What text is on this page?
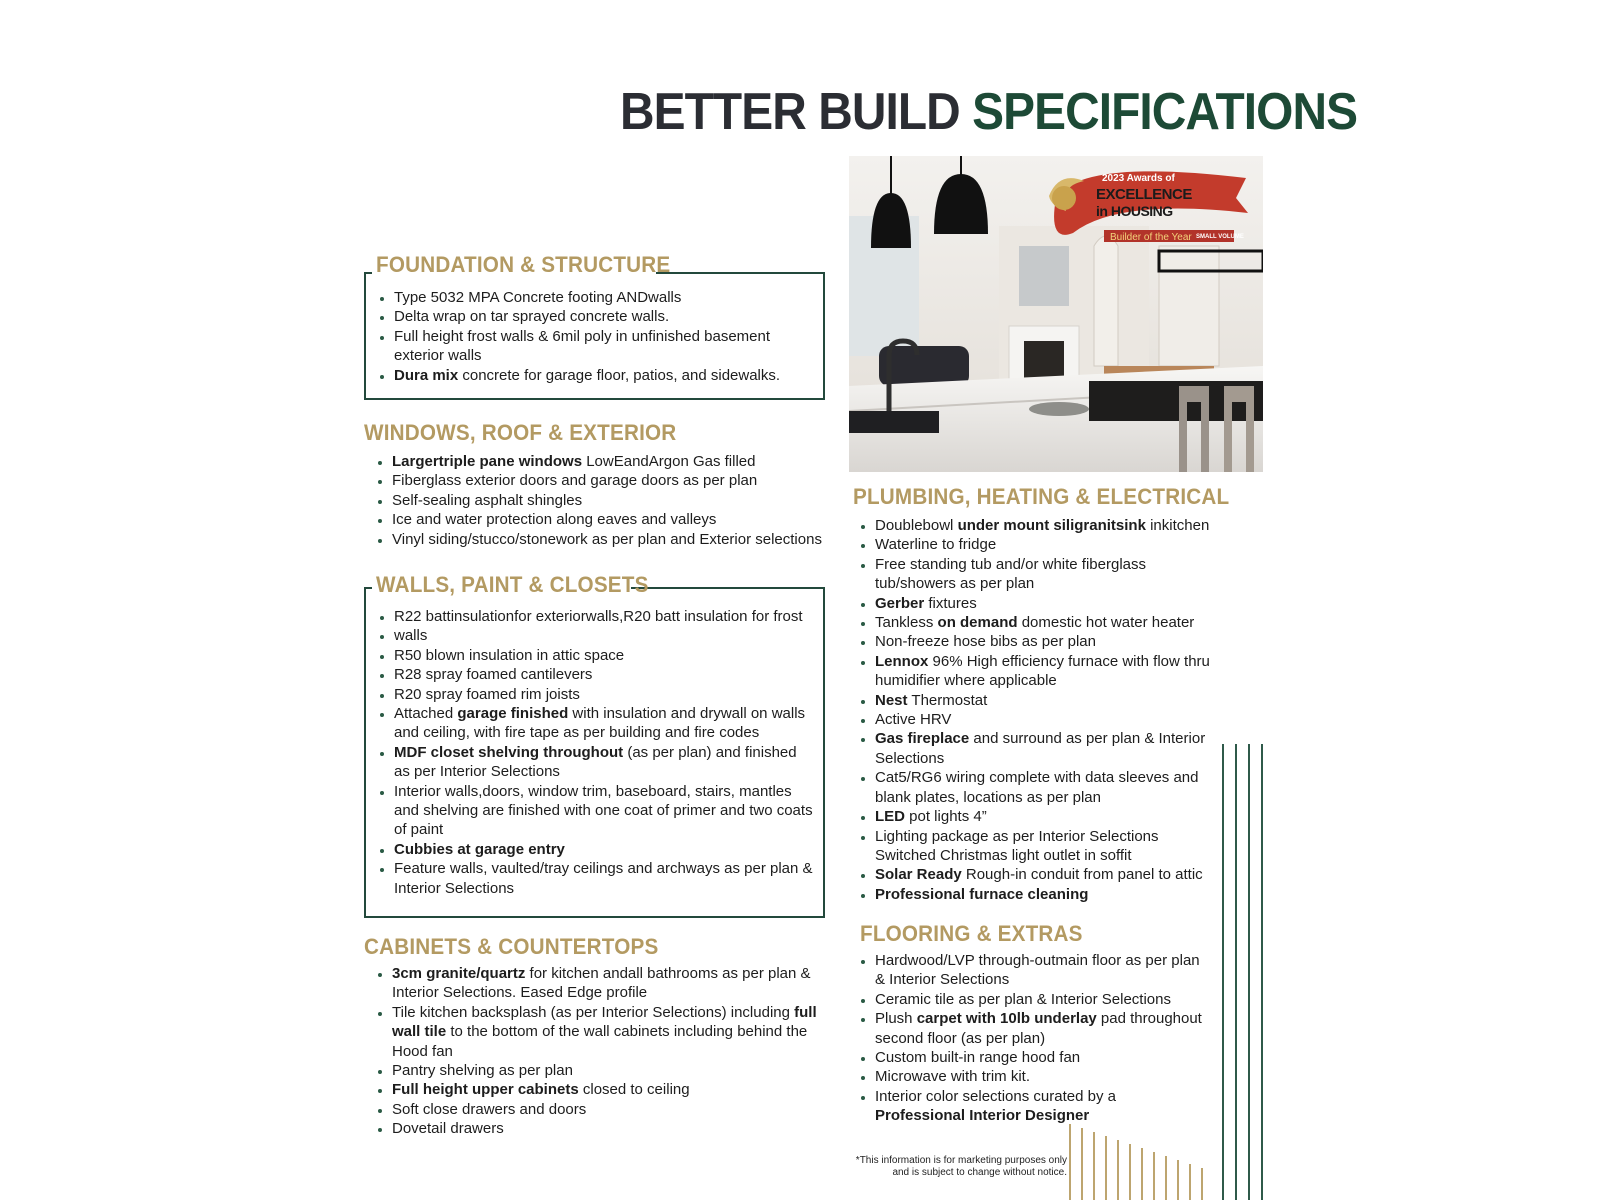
BETTER BUILD SPECIFICATIONS
2023 Awards of
EXCELLENCE
in HOUSING
Builder of the Year SMALL VOLUME
FOUNDATION & STRUCTURE
Type 5032 MPA Concrete footing ANDwalls
Delta wrap on tar sprayed concrete walls.
Full height frost walls & 6mil poly in unfinished basement exterior walls
Dura mix concrete for garage floor, patios, and sidewalks.
WINDOWS, ROOF & EXTERIOR
Largertriple pane windows LowEandArgon Gas filled
Fiberglass exterior doors and garage doors as per plan
Self-sealing asphalt shingles
Ice and water protection along eaves and valleys
Vinyl siding/stucco/stonework as per plan and Exterior selections
WALLS, PAINT & CLOSETS
R22 battinsulationfor exteriorwalls,R20 batt insulation for frost
walls
R50 blown insulation in attic space
R28 spray foamed cantilevers
R20 spray foamed rim joists
Attached garage finished with insulation and drywall on walls and ceiling, with fire tape as per building and fire codes
MDF closet shelving throughout (as per plan) and finished as per Interior Selections
Interior walls,doors, window trim, baseboard, stairs, mantles and shelving are finished with one coat of primer and two coats of paint
Cubbies at garage entry
Feature walls, vaulted/tray ceilings and archways as per plan & Interior Selections
CABINETS & COUNTERTOPS
3cm granite/quartz for kitchen andall bathrooms as per plan & Interior Selections. Eased Edge profile
Tile kitchen backsplash (as per Interior Selections) including full wall tile to the bottom of the wall cabinets including behind the Hood fan
Pantry shelving as per plan
Full height upper cabinets closed to ceiling
Soft close drawers and doors
Dovetail drawers
PLUMBING, HEATING & ELECTRICAL
Doublebowl under mount siligranitsink inkitchen
Waterline to fridge
Free standing tub and/or white fiberglass tub/showers as per plan
Gerber fixtures
Tankless on demand domestic hot water heater
Non-freeze hose bibs as per plan
Lennox 96% High efficiency furnace with flow thru humidifier where applicable
Nest Thermostat
Active HRV
Gas fireplace and surround as per plan & Interior Selections
Cat5/RG6 wiring complete with data sleeves and blank plates, locations as per plan
LED pot lights 4”
Lighting package as per Interior Selections Switched Christmas light outlet in soffit
Solar Ready Rough-in conduit from panel to attic
Professional furnace cleaning
FLOORING & EXTRAS
Hardwood/LVP through-outmain floor as per plan & Interior Selections
Ceramic tile as per plan & Interior Selections
Plush carpet with 10lb underlay pad throughout second floor (as per plan)
Custom built-in range hood fan
Microwave with trim kit.
Interior color selections curated by a Professional Interior Designer
*This information is for marketing purposes only and is subject to change without notice.
